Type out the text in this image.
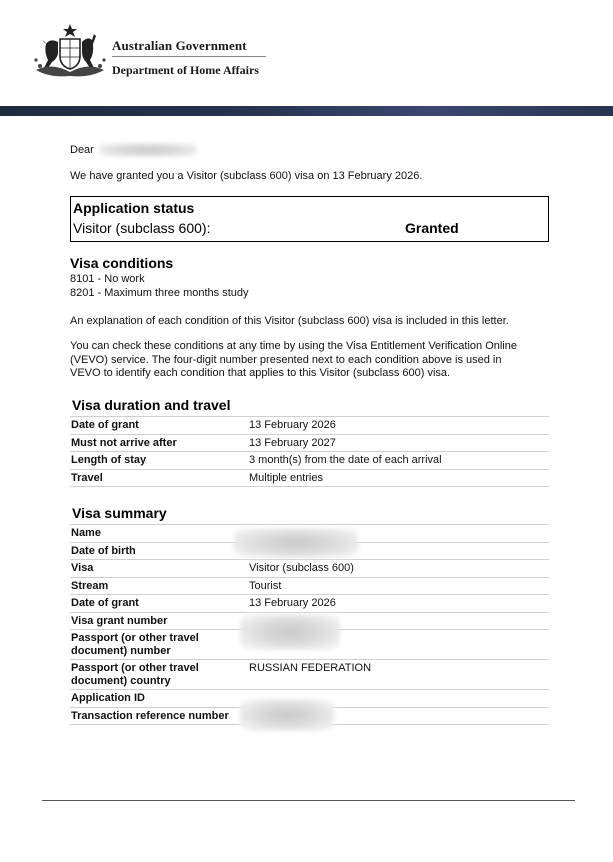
Australian Government
Department of Home Affairs
Dear
We have granted you a Visitor (subclass 600) visa on 13 February 2026.
Application status
Visitor (subclass 600):	Granted
Visa conditions
8101 - No work
8201 - Maximum three months study
An explanation of each condition of this Visitor (subclass 600) visa is included in this letter.
You can check these conditions at any time by using the Visa Entitlement Verification Online
(VEVO) service. The four-digit number presented next to each condition above is used in
VEVO to identify each condition that applies to this Visitor (subclass 600) visa.
Visa duration and travel
Date of grant	13 February 2026
Must not arrive after	13 February 2027
Length of stay	3 month(s) from the date of each arrival
Travel	Multiple entries
Visa summary
Name	
Date of birth	
Visa	Visitor (subclass 600)
Stream	Tourist
Date of grant	13 February 2026
Visa grant number	

Passport (or other travel
document) number	

Passport (or other travel
document) country	RUSSIAN FEDERATION
Application ID	
Transaction reference number	
